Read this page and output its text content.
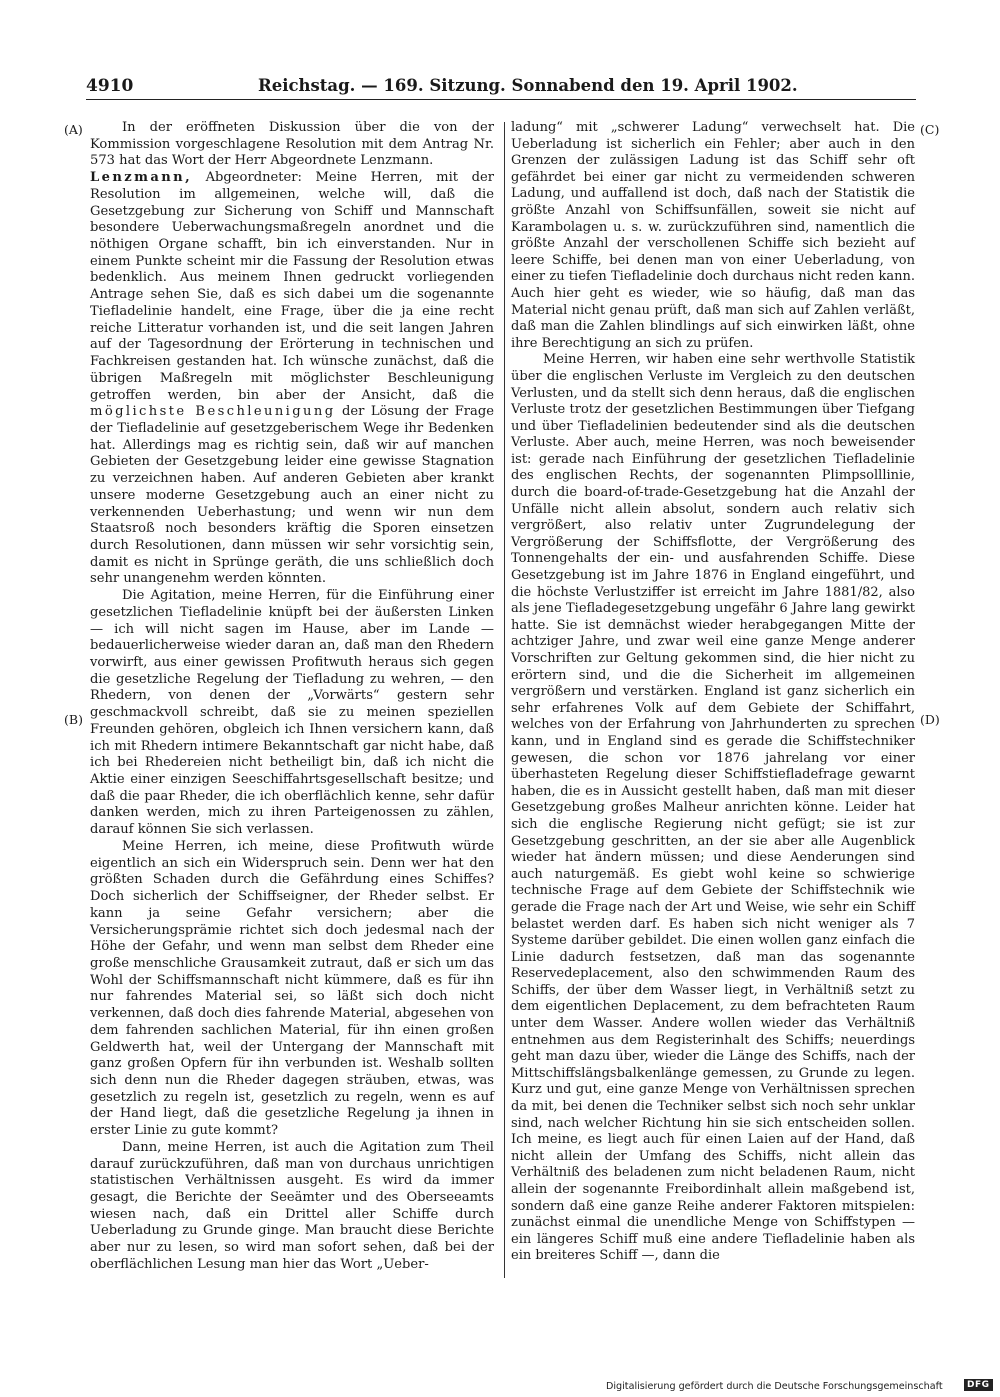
4910	Reichstag. — 169. Sitzung. Sonnabend den 19. April 1902.
(A)
(B)
(C)
(D)

In der eröffneten Diskussion über die von der Kommission vorgeschlagene Resolution mit dem Antrag Nr. 573 hat das Wort der Herr Abgeordnete Lenzmann.

Lenzmann, Abgeordneter: Meine Herren, mit der Resolution im allgemeinen, welche will, daß die Gesetzgebung zur Sicherung von Schiff und Mannschaft besondere Ueberwachungsmaßregeln anordnet und die nöthigen Organe schafft, bin ich einverstanden. Nur in einem Punkte scheint mir die Fassung der Resolution etwas bedenklich. Aus meinem Ihnen gedruckt vorliegenden Antrage sehen Sie, daß es sich dabei um die sogenannte Tiefladelinie handelt, eine Frage, über die ja eine recht reiche Litteratur vorhanden ist, und die seit langen Jahren auf der Tagesordnung der Erörterung in technischen und Fachkreisen gestanden hat. Ich wünsche zunächst, daß die übrigen Maßregeln mit möglichster Beschleunigung getroffen werden, bin aber der Ansicht, daß die möglichste Beschleunigung der Lösung der Frage der Tiefladelinie auf gesetzgeberischem Wege ihr Bedenken hat. Allerdings mag es richtig sein, daß wir auf manchen Gebieten der Gesetzgebung leider eine gewisse Stagnation zu verzeichnen haben. Auf anderen Gebieten aber krankt unsere moderne Gesetzgebung auch an einer nicht zu verkennenden Ueberhastung; und wenn wir nun dem Staatsroß noch besonders kräftig die Sporen einsetzen durch Resolutionen, dann müssen wir sehr vorsichtig sein, damit es nicht in Sprünge geräth, die uns schließlich doch sehr unangenehm werden könnten.

Die Agitation, meine Herren, für die Einführung einer gesetzlichen Tiefladelinie knüpft bei der äußersten Linken — ich will nicht sagen im Hause, aber im Lande — bedauerlicherweise wieder daran an, daß man den Rhedern vorwirft, aus einer gewissen Profitwuth heraus sich gegen die gesetzliche Regelung der Tiefladung zu wehren, — den Rhedern, von denen der „Vorwärts“ gestern sehr geschmackvoll schreibt, daß sie zu meinen speziellen Freunden gehören, obgleich ich Ihnen versichern kann, daß ich mit Rhedern intimere Bekanntschaft gar nicht habe, daß ich bei Rhedereien nicht betheiligt bin, daß ich nicht die Aktie einer einzigen Seeschiffahrtsgesellschaft besitze; und daß die paar Rheder, die ich oberflächlich kenne, sehr dafür danken werden, mich zu ihren Parteigenossen zu zählen, darauf können Sie sich verlassen.

Meine Herren, ich meine, diese Profitwuth würde eigentlich an sich ein Widerspruch sein. Denn wer hat den größten Schaden durch die Gefährdung eines Schiffes? Doch sicherlich der Schiffseigner, der Rheder selbst. Er kann ja seine Gefahr versichern; aber die Versicherungsprämie richtet sich doch jedesmal nach der Höhe der Gefahr, und wenn man selbst dem Rheder eine große menschliche Grausamkeit zutraut, daß er sich um das Wohl der Schiffsmannschaft nicht kümmere, daß es für ihn nur fahrendes Material sei, so läßt sich doch nicht verkennen, daß doch dies fahrende Material, abgesehen von dem fahrenden sachlichen Material, für ihn einen großen Geldwerth hat, weil der Untergang der Mannschaft mit ganz großen Opfern für ihn verbunden ist. Weshalb sollten sich denn nun die Rheder dagegen sträuben, etwas, was gesetzlich zu regeln ist, gesetzlich zu regeln, wenn es auf der Hand liegt, daß die gesetzliche Regelung ja ihnen in erster Linie zu gute kommt?

Dann, meine Herren, ist auch die Agitation zum Theil darauf zurückzuführen, daß man von durchaus unrichtigen statistischen Verhältnissen ausgeht. Es wird da immer gesagt, die Berichte der Seeämter und des Oberseeamts wiesen nach, daß ein Drittel aller Schiffe durch Ueberladung zu Grunde ginge. Man braucht diese Berichte aber nur zu lesen, so wird man sofort sehen, daß bei der oberflächlichen Lesung man hier das Wort „Ueber-

ladung“ mit „schwerer Ladung“ verwechselt hat. Die Ueberladung ist sicherlich ein Fehler; aber auch in den Grenzen der zulässigen Ladung ist das Schiff sehr oft gefährdet bei einer gar nicht zu vermeidenden schweren Ladung, und auffallend ist doch, daß nach der Statistik die größte Anzahl von Schiffsunfällen, soweit sie nicht auf Karambolagen u. s. w. zurückzuführen sind, namentlich die größte Anzahl der verschollenen Schiffe sich bezieht auf leere Schiffe, bei denen man von einer Ueberladung, von einer zu tiefen Tiefladelinie doch durchaus nicht reden kann. Auch hier geht es wieder, wie so häufig, daß man das Material nicht genau prüft, daß man sich auf Zahlen verläßt, daß man die Zahlen blindlings auf sich einwirken läßt, ohne ihre Berechtigung an sich zu prüfen.

Meine Herren, wir haben eine sehr werthvolle Statistik über die englischen Verluste im Vergleich zu den deutschen Verlusten, und da stellt sich denn heraus, daß die englischen Verluste trotz der gesetzlichen Bestimmungen über Tiefgang und über Tiefladelinien bedeutender sind als die deutschen Verluste. Aber auch, meine Herren, was noch beweisender ist: gerade nach Einführung der gesetzlichen Tiefladelinie des englischen Rechts, der sogenannten Plimpsolllinie, durch die board-of-trade-Gesetzgebung hat die Anzahl der Unfälle nicht allein absolut, sondern auch relativ sich vergrößert, also relativ unter Zugrundelegung der Vergrößerung der Schiffsflotte, der Vergrößerung des Tonnengehalts der ein- und ausfahrenden Schiffe. Diese Gesetzgebung ist im Jahre 1876 in England eingeführt, und die höchste Verlustziffer ist erreicht im Jahre 1881/82, also als jene Tiefladegesetzgebung ungefähr 6 Jahre lang gewirkt hatte. Sie ist demnächst wieder herabgegangen Mitte der achtziger Jahre, und zwar weil eine ganze Menge anderer Vorschriften zur Geltung gekommen sind, die hier nicht zu erörtern sind, und die die Sicherheit im allgemeinen vergrößern und verstärken. England ist ganz sicherlich ein sehr erfahrenes Volk auf dem Gebiete der Schiffahrt, welches von der Erfahrung von Jahrhunderten zu sprechen kann, und in England sind es gerade die Schiffstechniker gewesen, die schon vor 1876 jahrelang vor einer überhasteten Regelung dieser Schiffstiefladefrage gewarnt haben, die es in Aussicht gestellt haben, daß man mit dieser Gesetzgebung großes Malheur anrichten könne. Leider hat sich die englische Regierung nicht gefügt; sie ist zur Gesetzgebung geschritten, an der sie aber alle Augenblick wieder hat ändern müssen; und diese Aenderungen sind auch naturgemäß. Es giebt wohl keine so schwierige technische Frage auf dem Gebiete der Schiffstechnik wie gerade die Frage nach der Art und Weise, wie sehr ein Schiff belastet werden darf. Es haben sich nicht weniger als 7 Systeme darüber gebildet. Die einen wollen ganz einfach die Linie dadurch festsetzen, daß man das sogenannte Reservedeplacement, also den schwimmenden Raum des Schiffs, der über dem Wasser liegt, in Verhältniß setzt zu dem eigentlichen Deplacement, zu dem befrachteten Raum unter dem Wasser. Andere wollen wieder das Verhältniß entnehmen aus dem Registerinhalt des Schiffs; neuerdings geht man dazu über, wieder die Länge des Schiffs, nach der Mittschiffslängsbalkenlänge gemessen, zu Grunde zu legen. Kurz und gut, eine ganze Menge von Verhältnissen sprechen da mit, bei denen die Techniker selbst sich noch sehr unklar sind, nach welcher Richtung hin sie sich entscheiden sollen. Ich meine, es liegt auch für einen Laien auf der Hand, daß nicht allein der Umfang des Schiffs, nicht allein das Verhältniß des beladenen zum nicht beladenen Raum, nicht allein der sogenannte Freibordinhalt allein maßgebend ist, sondern daß eine ganze Reihe anderer Faktoren mitspielen: zunächst einmal die unendliche Menge von Schiffstypen — ein längeres Schiff muß eine andere Tiefladelinie haben als ein breiteres Schiff —, dann die

Digitalisierung gefördert durch die Deutsche Forschungsgemeinschaft	DFG
